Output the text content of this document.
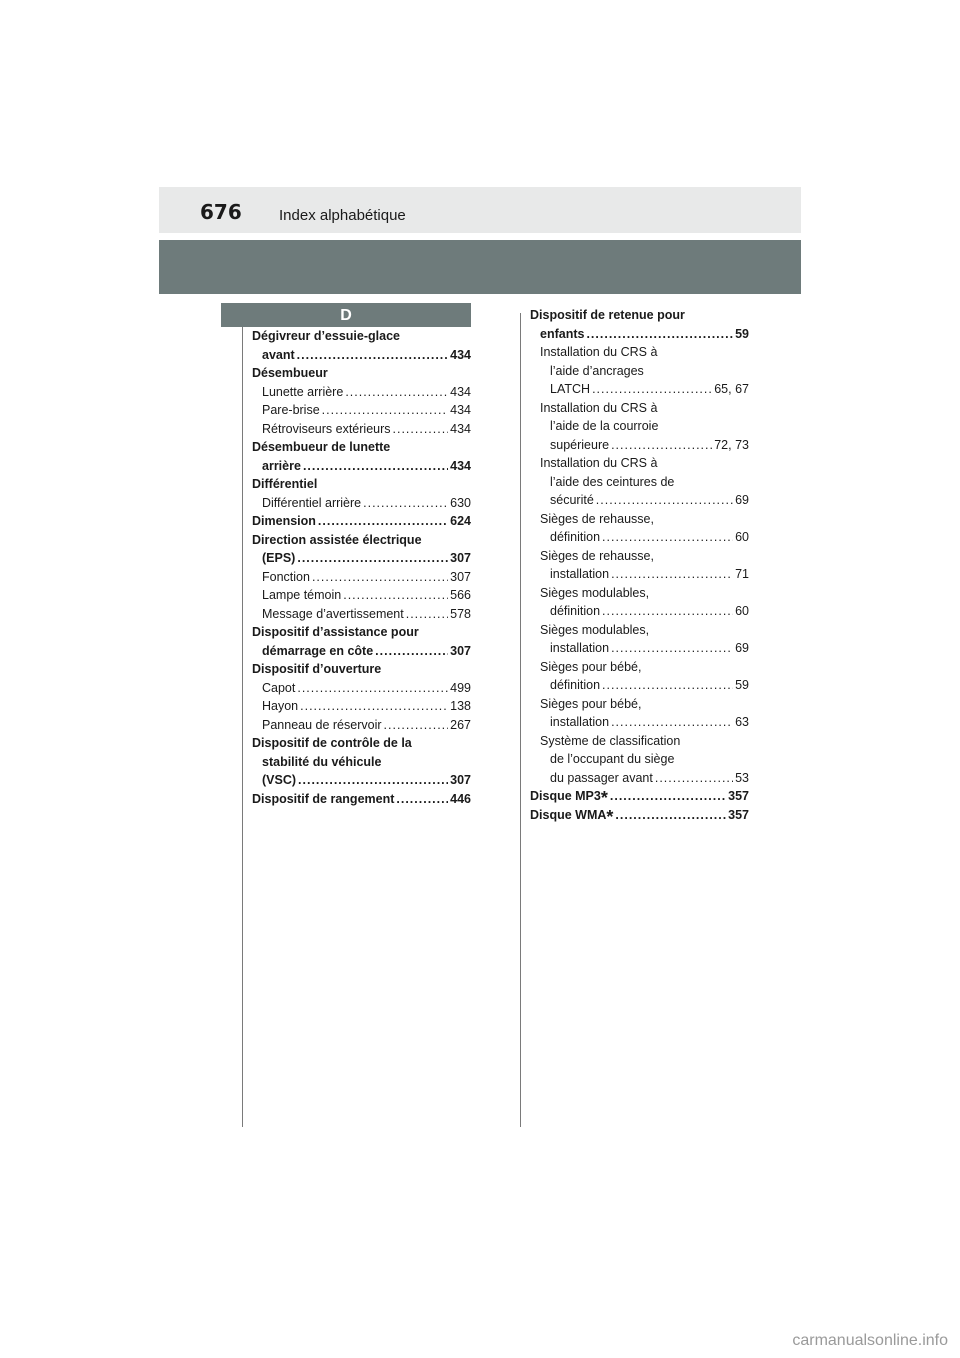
676 Index alphabétique
D
Dégivreur d’essuie-glace
avant .....	434
Désembueur
Lunette arrière .....	434
Pare-brise .....	434
Rétroviseurs extérieurs .....	434
Désembueur de lunette
arrière .....	434
Différentiel
Différentiel arrière .....	630
Dimension .....	624
Direction assistée électrique
(EPS) .....	307
Fonction .....	307
Lampe témoin .....	566
Message d’avertissement .....	578
Dispositif d’assistance pour
démarrage en côte .....	307
Dispositif d’ouverture
Capot .....	499
Hayon .....	138
Panneau de réservoir .....	267
Dispositif de contrôle de la
stabilité du véhicule
(VSC) .....	307
Dispositif de rangement .....	446
Dispositif de retenue pour
enfants .....	59
Installation du CRS à
l’aide d’ancrages
LATCH .....	65, 67
Installation du CRS à
l’aide de la courroie
supérieure .....	72, 73
Installation du CRS à
l’aide des ceintures de
sécurité .....	69
Sièges de rehausse,
définition .....	60
Sièges de rehausse,
installation .....	71
Sièges modulables,
définition .....	60
Sièges modulables,
installation .....	69
Sièges pour bébé,
définition .....	59
Sièges pour bébé,
installation .....	63
Système de classification
de l’occupant du siège
du passager avant .....	53
Disque MP3* .....	357
Disque WMA* .....	357
carmanualsonline.info
